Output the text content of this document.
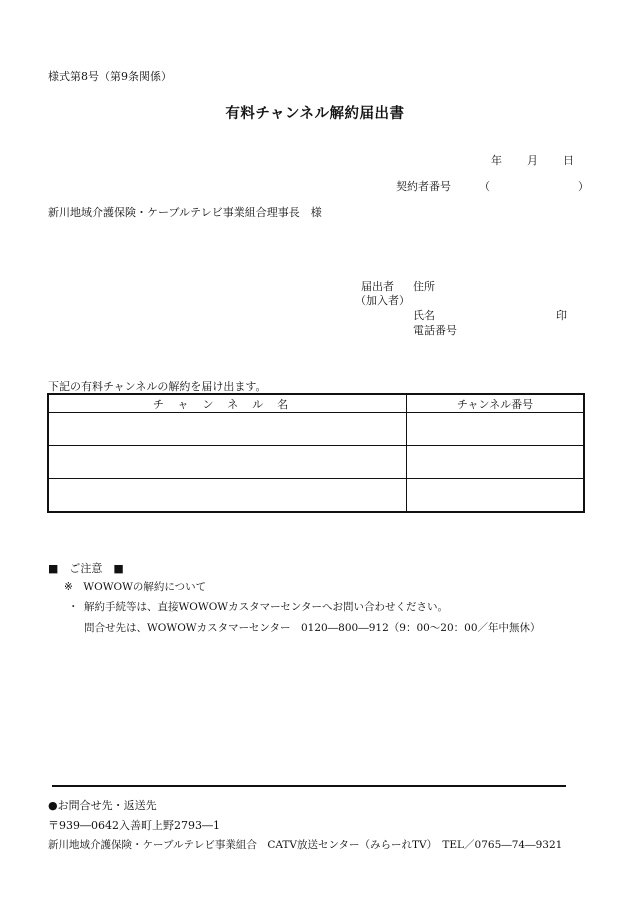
様式第8号（第9条関係）
有料チャンネル解約届出書
年 月 日
契約者番号	（	）
新川地域介護保険・ケーブルテレビ事業組合理事長　様
届出者
（加入者）
住所
氏名	印
電話番号
下記の有料チャンネルの解約を届け出ます。
チャンネル名	チャンネル番号

■　ご注意　■
※　WOWOWの解約について
・ 解約手続等は、直接WOWOWカスタマーセンターへお問い合わせください。
問合せ先は、WOWOWカスタマーセンター　0120―800―912（9：00～20：00／年中無休）
●お問合せ先・返送先
〒939―0642入善町上野2793―1
新川地域介護保険・ケーブルテレビ事業組合　CATV放送センター（みらーれTV）　TEL／0765―74―9321
